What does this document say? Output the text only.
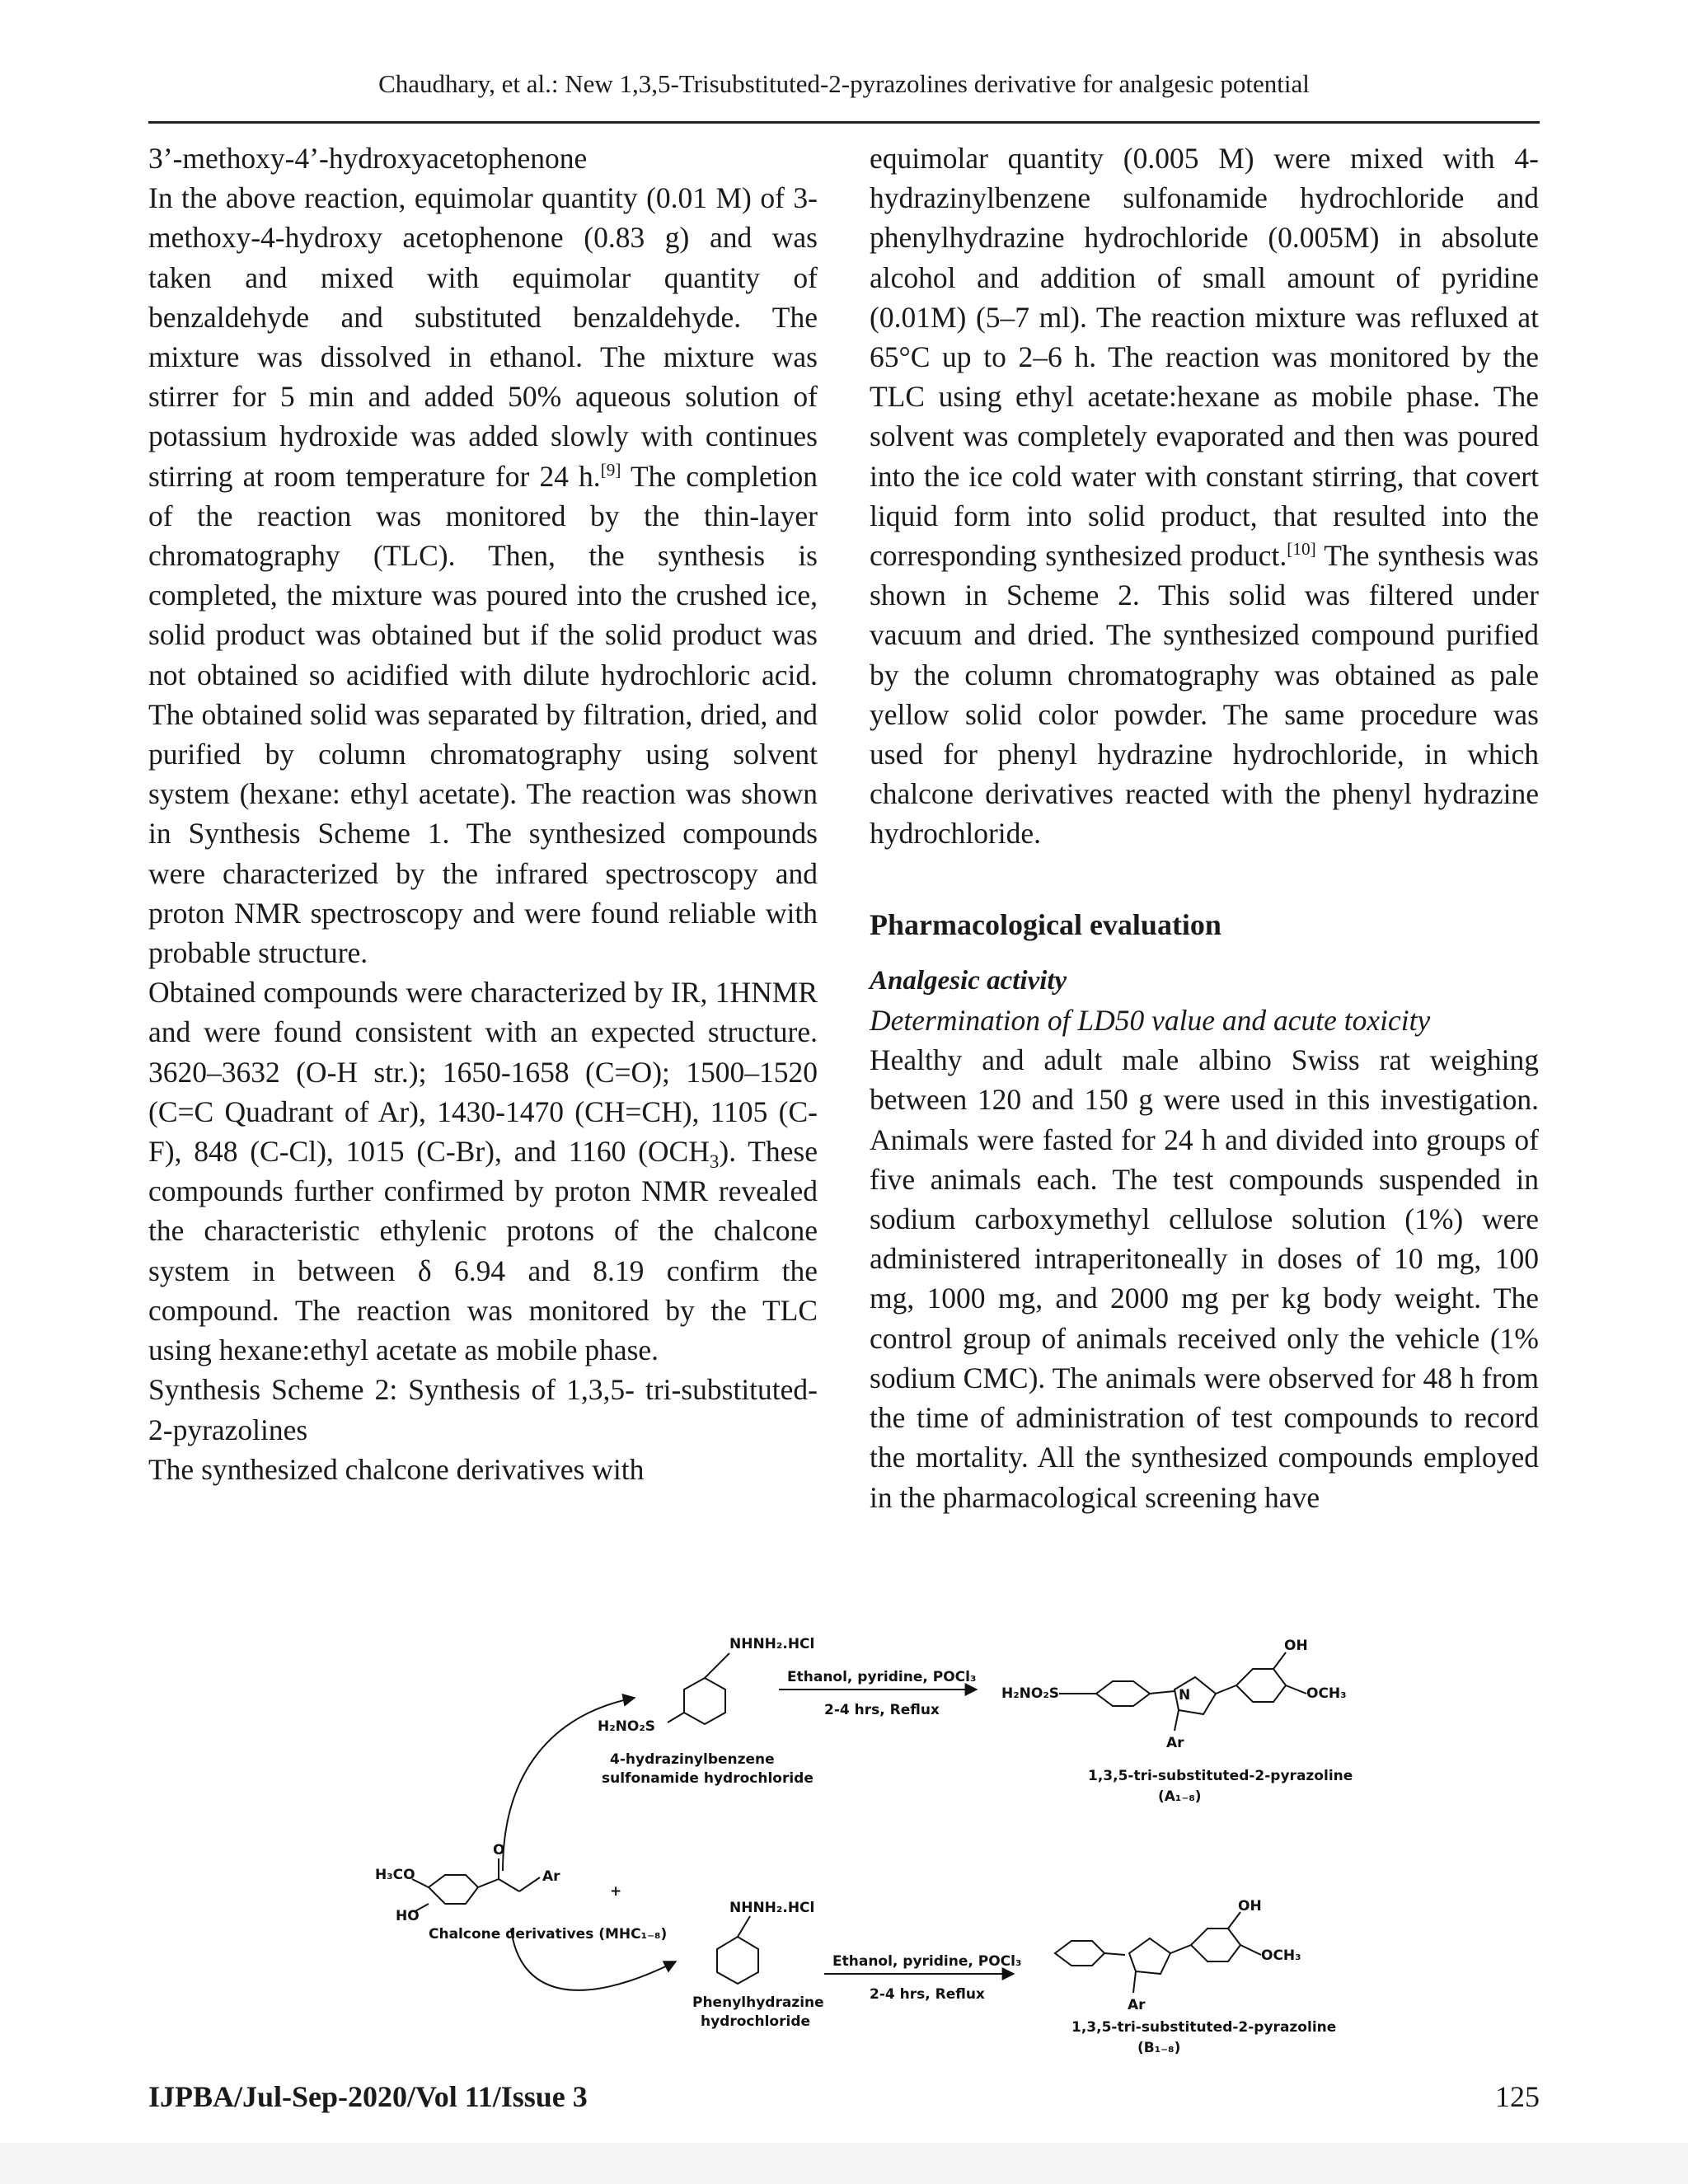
Chaudhary, et al.: New 1,3,5-Trisubstituted-2-pyrazolines derivative for analgesic potential

3’-methoxy-4’-hydroxyacetophenone

In the above reaction, equimolar quantity (0.01 M) of 3-methoxy-4-hydroxy acetophenone (0.83 g) and was taken and mixed with equimolar quantity of benzaldehyde and substituted benzaldehyde. The mixture was dissolved in ethanol. The mixture was stirrer for 5 min and added 50% aqueous solution of potassium hydroxide was added slowly with continues stirring at room temperature for 24 h.[9] The completion of the reaction was monitored by the thin-layer chromatography (TLC). Then, the synthesis is completed, the mixture was poured into the crushed ice, solid product was obtained but if the solid product was not obtained so acidified with dilute hydrochloric acid. The obtained solid was separated by filtration, dried, and purified by column chromatography using solvent system (hexane: ethyl acetate). The reaction was shown in Synthesis Scheme 1. The synthesized compounds were characterized by the infrared spectroscopy and proton NMR spectroscopy and were found reliable with probable structure.

Obtained compounds were characterized by IR, 1HNMR and were found consistent with an expected structure. 3620–3632 (O-H str.); 1650-1658 (C=O); 1500–1520 (C=C Quadrant of Ar), 1430-1470 (CH=CH), 1105 (C-F), 848 (C-Cl), 1015 (C-Br), and 1160 $(OCH_3)$. These compounds further confirmed by proton NMR revealed the characteristic ethylenic protons of the chalcone system in between δ 6.94 and 8.19 confirm the compound. The reaction was monitored by the TLC using hexane:ethyl acetate as mobile phase.

Synthesis Scheme 2: Synthesis of 1,3,5- tri-substituted-2-pyrazolines

The synthesized chalcone derivatives with

equimolar quantity (0.005 M) were mixed with 4-hydrazinylbenzene sulfonamide hydrochloride and phenylhydrazine hydrochloride (0.005M) in absolute alcohol and addition of small amount of pyridine (0.01M) (5–7 ml). The reaction mixture was refluxed at 65°C up to 2–6 h. The reaction was monitored by the TLC using ethyl acetate:hexane as mobile phase. The solvent was completely evaporated and then was poured into the ice cold water with constant stirring, that covert liquid form into solid product, that resulted into the corresponding synthesized product.[10] The synthesis was shown in Scheme 2. This solid was filtered under vacuum and dried. The synthesized compound purified by the column chromatography was obtained as pale yellow solid color powder. The same procedure was used for phenyl hydrazine hydrochloride, in which chalcone derivatives reacted with the phenyl hydrazine hydrochloride.

Pharmacological evaluation

Analgesic activity

Determination of LD50 value and acute toxicity

Healthy and adult male albino Swiss rat weighing between 120 and 150 g were used in this investigation. Animals were fasted for 24 h and divided into groups of five animals each. The test compounds suspended in sodium carboxymethyl cellulose solution (1%) were administered intraperitoneally in doses of 10 mg, 100 mg, 1000 mg, and 2000 mg per kg body weight. The control group of animals received only the vehicle (1% sodium CMC). The animals were observed for 48 h from the time of administration of test compounds to record the mortality. All the synthesized compounds employed in the pharmacological screening have

NHNH₂.HCl
H₂NO₂S
4-hydrazinylbenzene
sulfonamide hydrochloride
Ethanol, pyridine, POCl₃
2-4 hrs, Reflux
H₂NO₂S	N
Ar
OH
OCH₃
1,3,5-tri-substituted-2-pyrazoline
(A₁₋₈)
H₃CO
HO
O
Ar
+
Chalcone derivatives (MHC₁₋₈)
NHNH₂.HCl
Phenylhydrazine
hydrochloride
Ethanol, pyridine, POCl₃
2-4 hrs, Reflux
OH
OCH₃
Ar
1,3,5-tri-substituted-2-pyrazoline
(B₁₋₈)
IJPBA/Jul-Sep-2020/Vol 11/Issue 3	125
